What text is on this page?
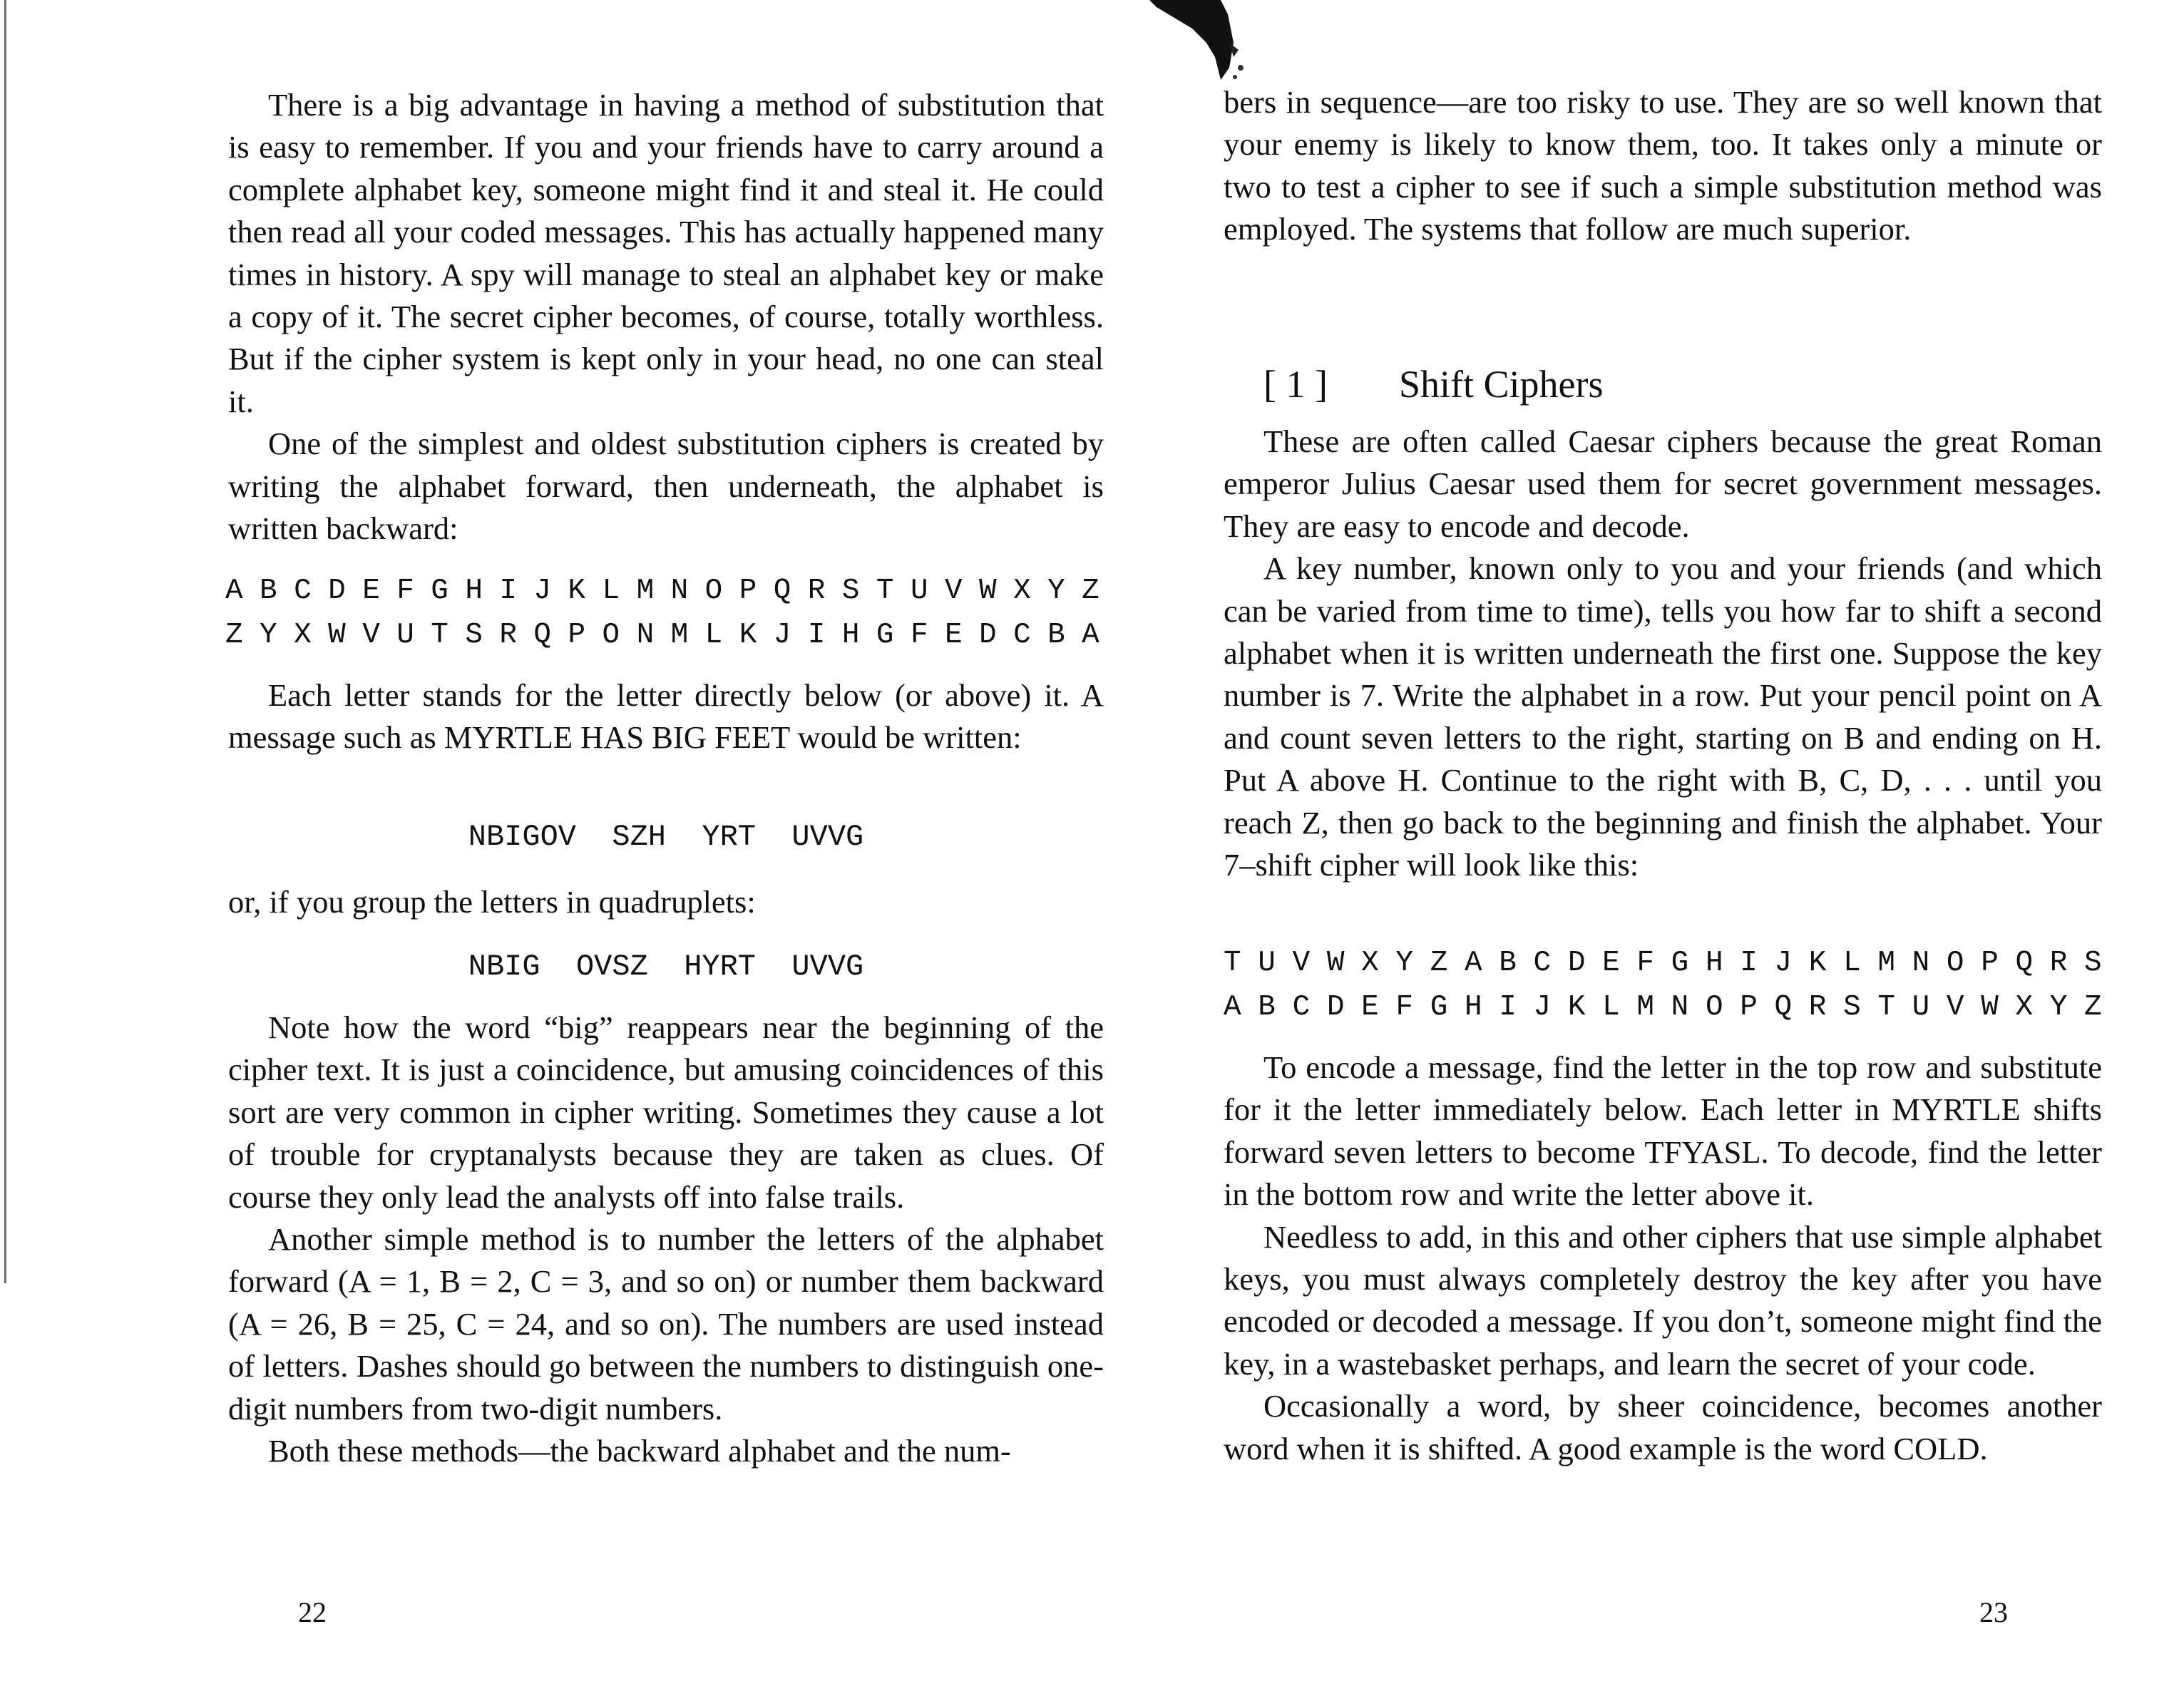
There is a big advantage in having a method of substitution that is easy to remember. If you and your friends have to carry around a complete alphabet key, someone might find it and steal it. He could then read all your coded messages. This has actually happened many times in history. A spy will manage to steal an alphabet key or make a copy of it. The secret cipher becomes, of course, totally worthless. But if the cipher system is kept only in your head, no one can steal it.

One of the simplest and oldest substitution ciphers is created by writing the alphabet forward, then underneath, the alphabet is written backward:

A B C D E F G H I J K L M N O P Q R S T U V W X Y Z
Z Y X W V U T S R Q P O N M L K J I H G F E D C B A

Each letter stands for the letter directly below (or above) it. A message such as MYRTLE HAS BIG FEET would be written:

NBIGOV  SZH  YRT  UVVG

or, if you group the letters in quadruplets:

NBIG  OVSZ  HYRT  UVVG

Note how the word “big” reappears near the beginning of the cipher text. It is just a coincidence, but amusing coincidences of this sort are very common in cipher writing. Sometimes they cause a lot of trouble for cryptanalysts because they are taken as clues. Of course they only lead the analysts off into false trails.

Another simple method is to number the letters of the alphabet forward (A = 1, B = 2, C = 3, and so on) or number them backward (A = 26, B = 25, C = 24, and so on). The numbers are used instead of letters. Dashes should go between the numbers to distinguish one-digit numbers from two-digit numbers.

Both these methods—the backward alphabet and the num-

22

bers in sequence—are too risky to use. They are so well known that your enemy is likely to know them, too. It takes only a minute or two to test a cipher to see if such a simple substitution method was employed. The systems that follow are much superior.

[ 1 ]	Shift Ciphers

These are often called Caesar ciphers because the great Roman emperor Julius Caesar used them for secret government messages. They are easy to encode and decode.

A key number, known only to you and your friends (and which can be varied from time to time), tells you how far to shift a second alphabet when it is written underneath the first one. Suppose the key number is 7. Write the alphabet in a row. Put your pencil point on A and count seven letters to the right, starting on B and ending on H. Put A above H. Continue to the right with B, C, D, . . . until you reach Z, then go back to the beginning and finish the alphabet. Your 7–shift cipher will look like this:

T U V W X Y Z A B C D E F G H I J K L M N O P Q R S
A B C D E F G H I J K L M N O P Q R S T U V W X Y Z

To encode a message, find the letter in the top row and substitute for it the letter immediately below. Each letter in MYRTLE shifts forward seven letters to become TFYASL. To decode, find the letter in the bottom row and write the letter above it.

Needless to add, in this and other ciphers that use simple alphabet keys, you must always completely destroy the key after you have encoded or decoded a message. If you don’t, someone might find the key, in a wastebasket perhaps, and learn the secret of your code.

Occasionally a word, by sheer coincidence, becomes another word when it is shifted. A good example is the word COLD.

23
